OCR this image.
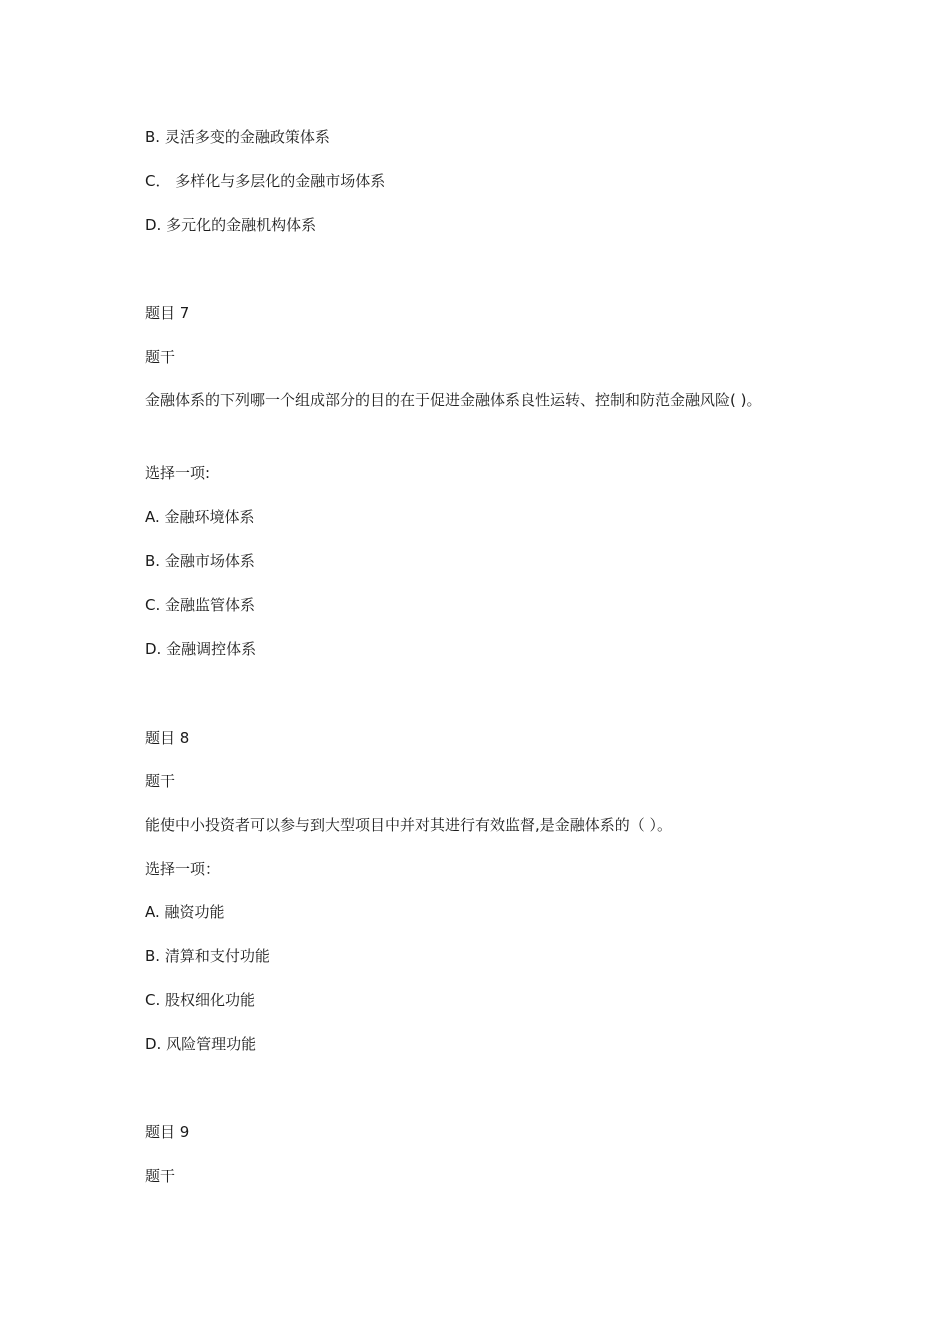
B. 灵活多变的金融政策体系
C． 多样化与多层化的金融市场体系
D. 多元化的金融机构体系
题目 7
题干
金融体系的下列哪一个组成部分的目的在于促进金融体系良性运转、控制和防范金融风险( )。
选择一项:
A. 金融环境体系
B. 金融市场体系
C. 金融监管体系
D. 金融调控体系
题目 8
题干
能使中小投资者可以参与到大型项目中并对其进行有效监督,是金融体系的（ ）。
选择一项：
A. 融资功能
B. 清算和支付功能
C. 股权细化功能
D. 风险管理功能
题目 9
题干
